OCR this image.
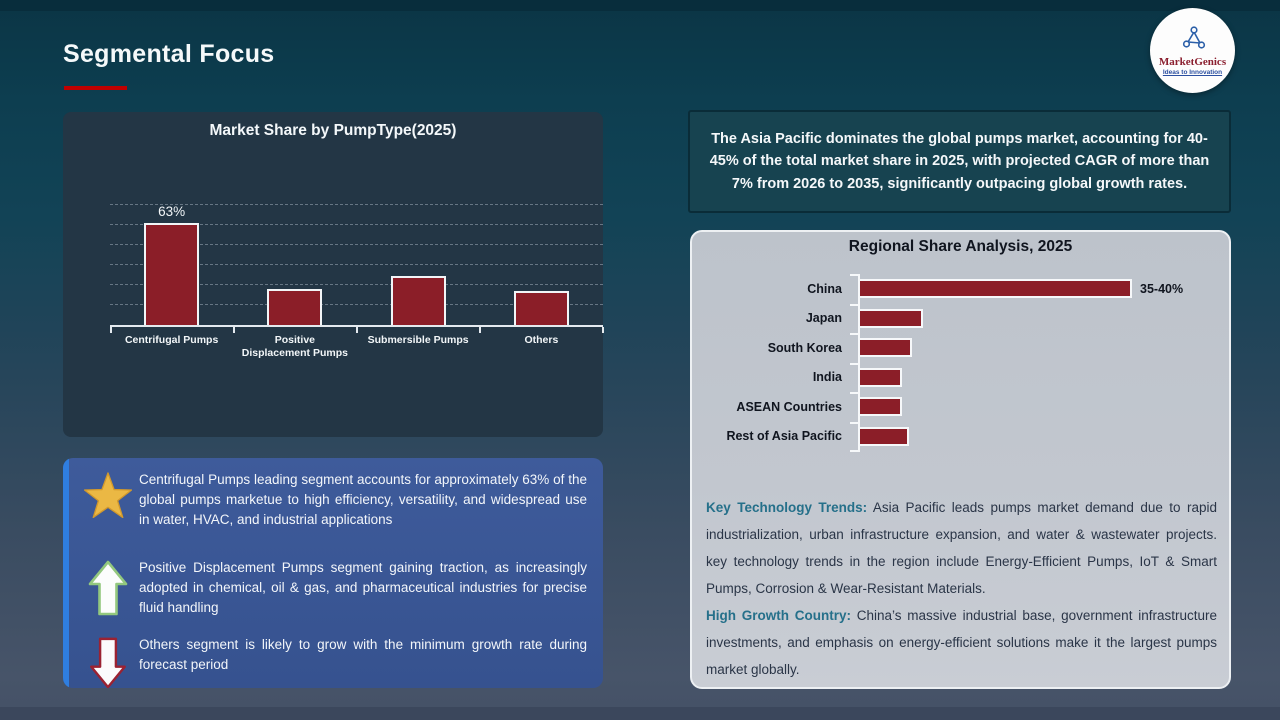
Segmental Focus	MarketGenics
Ideas to Innovation
Market Share by PumpType(2025)
63%
Centrifugal Pumps	Positive Displacement Pumps
Submersible Pumps	Others
Centrifugal Pumps leading segment accounts for approximately 63% of the global pumps marketue to high efficiency, versatility, and widespread use in water, HVAC, and industrial applications
Positive Displacement Pumps segment gaining traction, as increasingly adopted in chemical, oil & gas, and pharmaceutical industries for precise fluid handling
Others segment is likely to grow with the minimum growth rate during forecast period
The Asia Pacific dominates the global pumps market, accounting for 40-45% of the total market share in 2025, with projected CAGR of more than 7% from 2026 to 2035, significantly outpacing global growth rates.
Regional Share Analysis, 2025
China	35-40%
Japan
South Korea
India
ASEAN Countries
Rest of Asia Pacific

Key Technology Trends: Asia Pacific leads pumps market demand due to rapid industrialization, urban infrastructure expansion, and water & wastewater projects. key technology trends in the region include Energy-Efficient Pumps, IoT & Smart Pumps, Corrosion & Wear-Resistant Materials.

High Growth Country: China’s massive industrial base, government infrastructure investments, and emphasis on energy-efficient solutions make it the largest pumps market globally.
